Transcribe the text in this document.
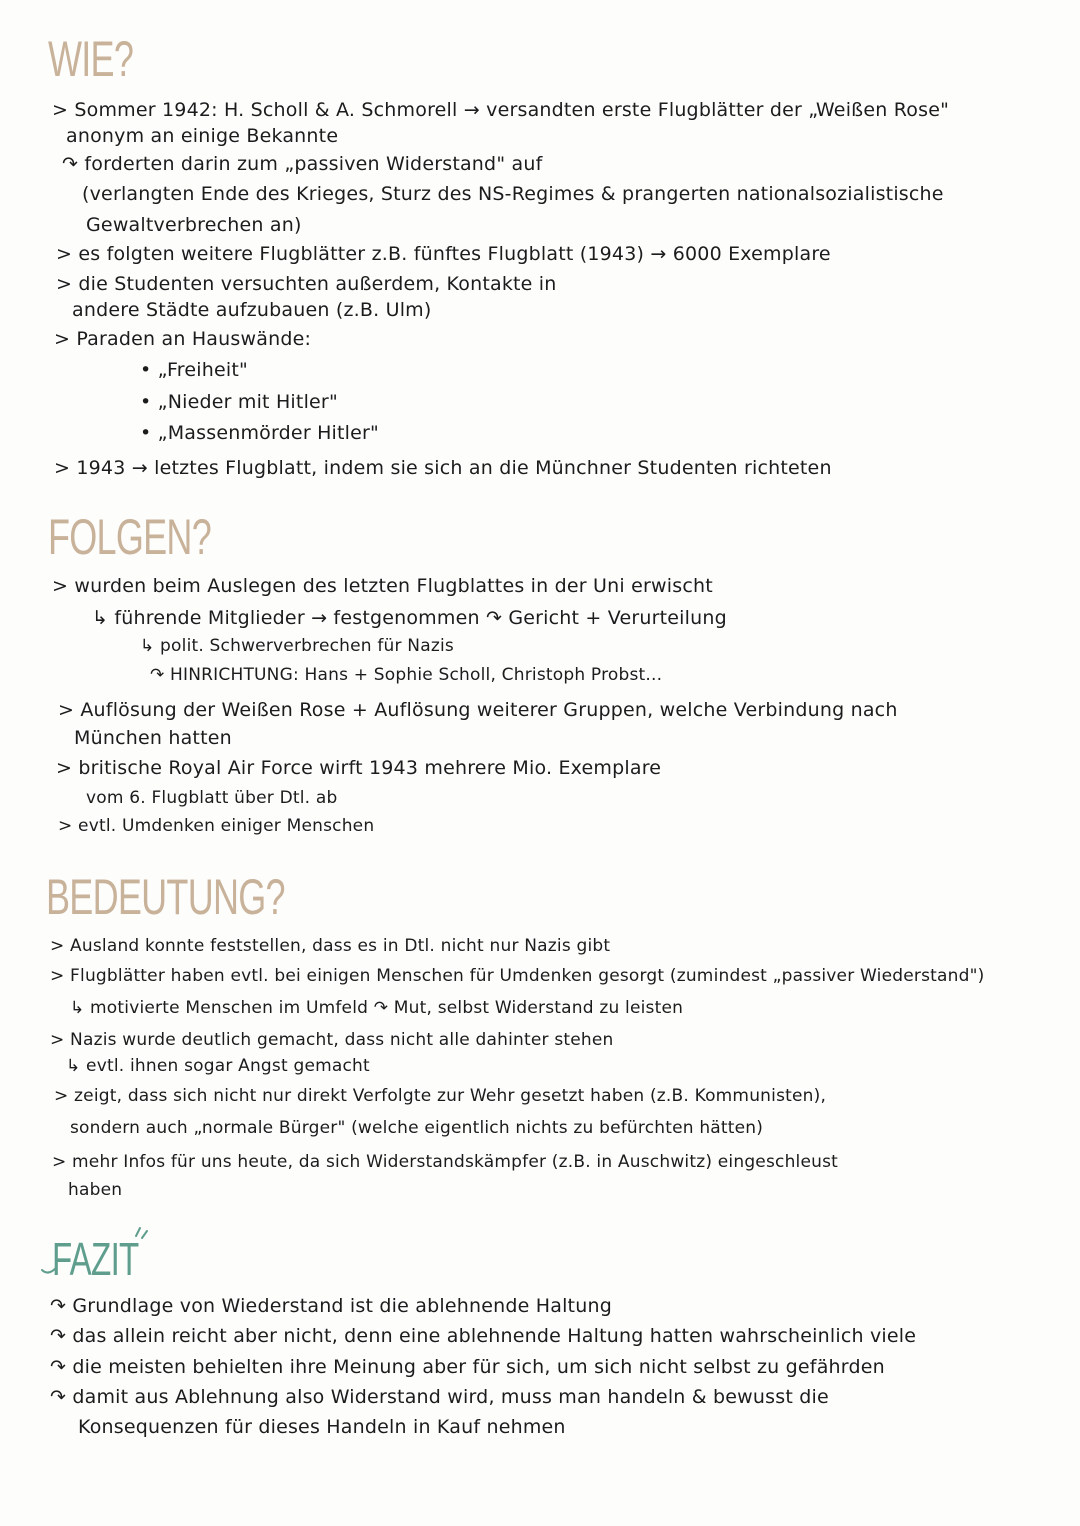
WIE?
> Sommer 1942: H. Scholl & A. Schmorell → versandten erste Flugblätter der „Weißen Rose"
anonym an einige Bekannte
↷ forderten darin zum „passiven Widerstand" auf
(verlangten Ende des Krieges, Sturz des NS-Regimes & prangerten nationalsozialistische
Gewaltverbrechen an)
> es folgten weitere Flugblätter z.B. fünftes Flugblatt (1943) → 6000 Exemplare
> die Studenten versuchten außerdem, Kontakte in
andere Städte aufzubauen (z.B. Ulm)
> Paraden an Hauswände:
• „Freiheit"
• „Nieder mit Hitler"
• „Massenmörder Hitler"
> 1943 → letztes Flugblatt, indem sie sich an die Münchner Studenten richteten
FOLGEN?
> wurden beim Auslegen des letzten Flugblattes in der Uni erwischt
↳ führende Mitglieder → festgenommen ↷ Gericht + Verurteilung
↳ polit. Schwerverbrechen für Nazis
↷ HINRICHTUNG: Hans + Sophie Scholl, Christoph Probst...
> Auflösung der Weißen Rose + Auflösung weiterer Gruppen, welche Verbindung nach
München hatten
> britische Royal Air Force wirft 1943 mehrere Mio. Exemplare
vom 6. Flugblatt über Dtl. ab
> evtl. Umdenken einiger Menschen
BEDEUTUNG?
> Ausland konnte feststellen, dass es in Dtl. nicht nur Nazis gibt
> Flugblätter haben evtl. bei einigen Menschen für Umdenken gesorgt (zumindest „passiver Wiederstand")
↳ motivierte Menschen im Umfeld ↷ Mut, selbst Widerstand zu leisten
> Nazis wurde deutlich gemacht, dass nicht alle dahinter stehen
↳ evtl. ihnen sogar Angst gemacht
> zeigt, dass sich nicht nur direkt Verfolgte zur Wehr gesetzt haben (z.B. Kommunisten),
sondern auch „normale Bürger" (welche eigentlich nichts zu befürchten hätten)
> mehr Infos für uns heute, da sich Widerstandskämpfer (z.B. in Auschwitz) eingeschleust
haben
FAZIT
↷ Grundlage von Wiederstand ist die ablehnende Haltung
↷ das allein reicht aber nicht, denn eine ablehnende Haltung hatten wahrscheinlich viele
↷ die meisten behielten ihre Meinung aber für sich, um sich nicht selbst zu gefährden
↷ damit aus Ablehnung also Widerstand wird, muss man handeln & bewusst die
Konsequenzen für dieses Handeln in Kauf nehmen
